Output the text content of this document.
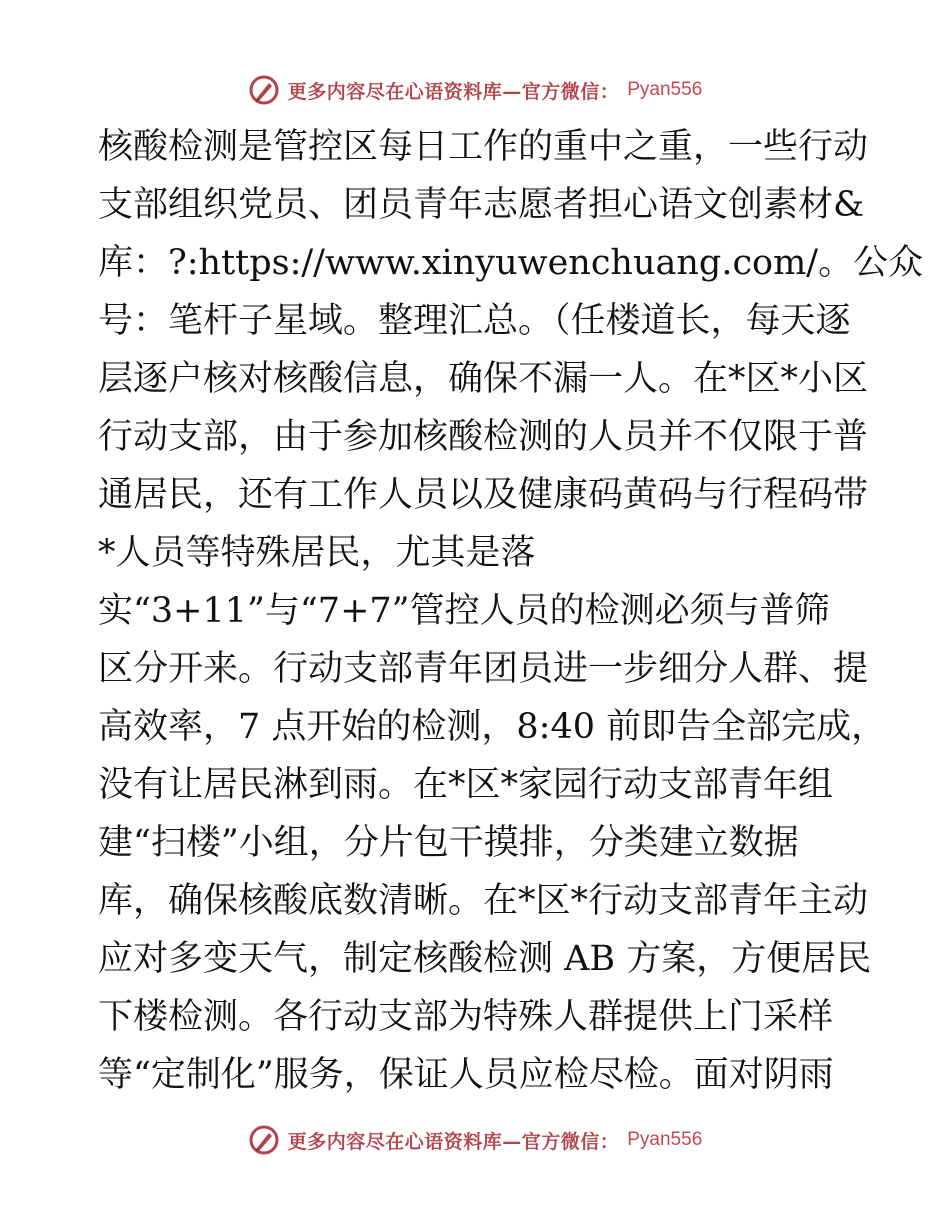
更多内容尽在心语资料库—官方微信： Pyan556
核酸检测是管控区每日工作的重中之重，一些行动
支部组织党员、团员青年志愿者担心语文创素材&
库：?:https://www.xinyuwenchuang.com/。公众
号：笔杆子星域。整理汇总。（任楼道长，每天逐
层逐户核对核酸信息，确保不漏一人。在*区*小区
行动支部，由于参加核酸检测的人员并不仅限于普
通居民，还有工作人员以及健康码黄码与行程码带
*人员等特殊居民，尤其是落
实“3+11”与“7+7”管控人员的检测必须与普筛
区分开来。行动支部青年团员进一步细分人群、提
高效率，7 点开始的检测，8:40 前即告全部完成，
没有让居民淋到雨。在*区*家园行动支部青年组
建“扫楼”小组，分片包干摸排，分类建立数据
库，确保核酸底数清晰。在*区*行动支部青年主动
应对多变天气，制定核酸检测 AB 方案，方便居民
下楼检测。各行动支部为特殊人群提供上门采样
等“定制化”服务，保证人员应检尽检。面对阴雨
更多内容尽在心语资料库—官方微信： Pyan556
